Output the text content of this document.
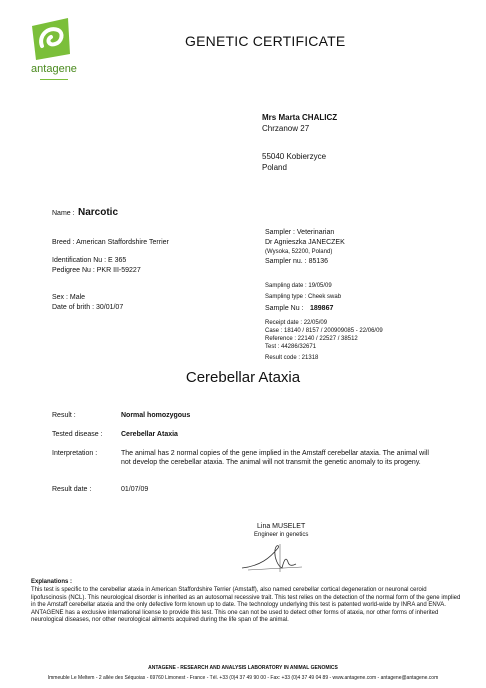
antagene
GENETIC CERTIFICATE
Mrs Marta CHALICZ
Chrzanow 27
55040 Kobierzyce
Poland
Name : Narcotic
Breed : American Staffordshire Terrier
Identification Nu : E 365
Pedigree Nu : PKR III-59227
Sex : Male
Date of brith : 30/01/07
Sampler : Veterinarian
Dr Agnieszka JANECZEK
(Wysoka, 52200, Poland)
Sampler nu. : 85136
Sampling date : 19/05/09
Sampling type : Cheek swab
Sample Nu : 189867
Receipt date : 22/05/09
Case : 18140 / 8157 / 200909085 - 22/06/09
Reference : 22140 / 22527 / 38512
Test : 44286/32671
Result code : 21318
Cerebellar Ataxia
Result :	Normal homozygous
Tested disease :	Cerebellar Ataxia
Interpretation :	The animal has 2 normal copies of the gene implied in the Amstaff cerebellar ataxia. The animal will not develop the cerebellar ataxia. The animal will not transmit the genetic anomaly to its progeny.
Result date :	01/07/09
Lina MUSELET
Engineer in genetics
Explanations :
This test is specific to the cerebellar ataxia in American Staffordshire Terrier (Amstaff), also named cerebellar cortical degeneration or neuronal ceroid lipofuscinosis (NCL). This neurological disorder is inherited as an autosomal recessive trait. This test relies on the detection of the normal form of the gene implied in the Amstaff cerebellar ataxia and the only defective form known up to date. The technology underlying this test is patented world-wide by INRA and ENVA. ANTAGENE has a exclusive international license to provide this test. This one can not be used to detect other forms of ataxia, nor other forms of inherited neurological diseases, nor other neurological ailments acquired during the life span of the animal.
ANTAGENE - RESEARCH AND ANALYSIS LABORATORY IN ANIMAL GENOMICS
Immeuble Le Meltem - 2 allée des Séquoias - 69760 Limonest - France - Tél. +33 (0)4 37 49 90 00 - Fax: +33 (0)4 37 49 04 89 - www.antagene.com - antagene@antagene.com
